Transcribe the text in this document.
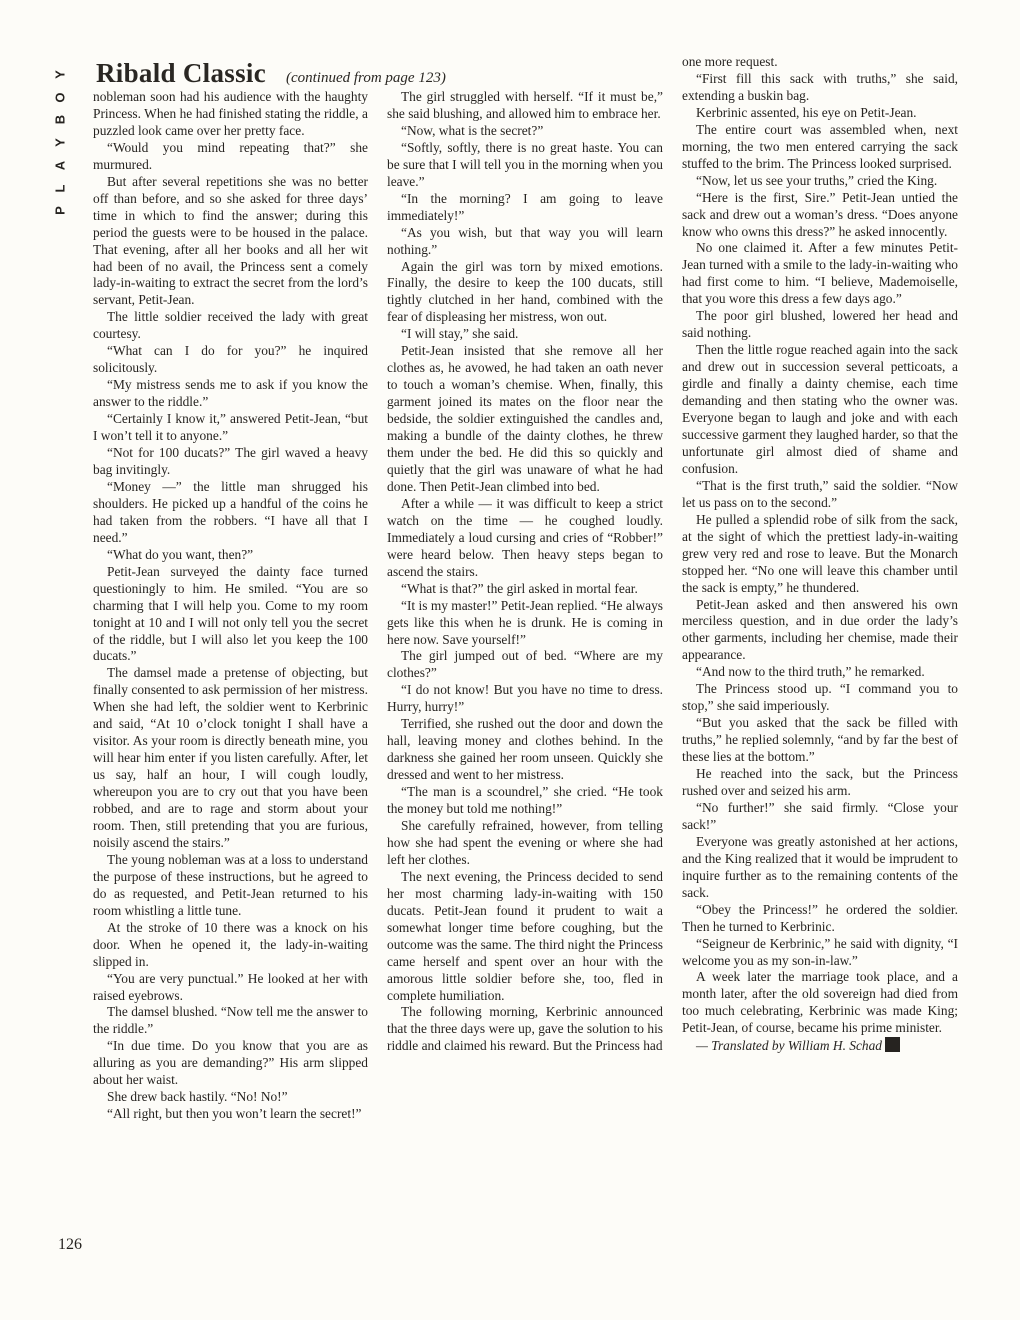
P
L
A
Y
B
O
Y Ribald Classic (continued from page 123)

nobleman soon had his audience with the haughty Princess. When he had finished stating the riddle, a puzzled look came over her pretty face.

“Would you mind repeating that?” she murmured.

But after several repetitions she was no better off than before, and so she asked for three days’ time in which to find the answer; during this period the guests were to be housed in the palace. That evening, after all her books and all her wit had been of no avail, the Princess sent a comely lady-in-waiting to extract the secret from the lord’s servant, Petit-Jean.

The little soldier received the lady with great courtesy.

“What can I do for you?” he inquired solicitously.

“My mistress sends me to ask if you know the answer to the riddle.”

“Certainly I know it,” answered Petit-Jean, “but I won’t tell it to anyone.”

“Not for 100 ducats?” The girl waved a heavy bag invitingly.

“Money —” the little man shrugged his shoulders. He picked up a handful of the coins he had taken from the robbers. “I have all that I need.”

“What do you want, then?”

Petit-Jean surveyed the dainty face turned questioningly to him. He smiled. “You are so charming that I will help you. Come to my room tonight at 10 and I will not only tell you the secret of the riddle, but I will also let you keep the 100 ducats.”

The damsel made a pretense of objecting, but finally consented to ask permission of her mistress. When she had left, the soldier went to Kerbrinic and said, “At 10 o’clock tonight I shall have a visitor. As your room is directly beneath mine, you will hear him enter if you listen carefully. After, let us say, half an hour, I will cough loudly, whereupon you are to cry out that you have been robbed, and are to rage and storm about your room. Then, still pretending that you are furious, noisily ascend the stairs.”

The young nobleman was at a loss to understand the purpose of these instructions, but he agreed to do as requested, and Petit-Jean returned to his room whistling a little tune.

At the stroke of 10 there was a knock on his door. When he opened it, the lady-in-waiting slipped in.

“You are very punctual.” He looked at her with raised eyebrows.

The damsel blushed. “Now tell me the answer to the riddle.”

“In due time. Do you know that you are as alluring as you are demanding?” His arm slipped about her waist.

She drew back hastily. “No! No!”

“All right, but then you won’t learn the secret!”

The girl struggled with herself. “If it must be,” she said blushing, and allowed him to embrace her.

“Now, what is the secret?”

“Softly, softly, there is no great haste. You can be sure that I will tell you in the morning when you leave.”

“In the morning? I am going to leave immediately!”

“As you wish, but that way you will learn nothing.”

Again the girl was torn by mixed emotions. Finally, the desire to keep the 100 ducats, still tightly clutched in her hand, combined with the fear of displeasing her mistress, won out.

“I will stay,” she said.

Petit-Jean insisted that she remove all her clothes as, he avowed, he had taken an oath never to touch a woman’s chemise. When, finally, this garment joined its mates on the floor near the bedside, the soldier extinguished the candles and, making a bundle of the dainty clothes, he threw them under the bed. He did this so quickly and quietly that the girl was unaware of what he had done. Then Petit-Jean climbed into bed.

After a while — it was difficult to keep a strict watch on the time — he coughed loudly. Immediately a loud cursing and cries of “Robber!” were heard below. Then heavy steps began to ascend the stairs.

“What is that?” the girl asked in mortal fear.

“It is my master!” Petit-Jean replied. “He always gets like this when he is drunk. He is coming in here now. Save yourself!”

The girl jumped out of bed. “Where are my clothes?”

“I do not know! But you have no time to dress. Hurry, hurry!”

Terrified, she rushed out the door and down the hall, leaving money and clothes behind. In the darkness she gained her room unseen. Quickly she dressed and went to her mistress.

“The man is a scoundrel,” she cried. “He took the money but told me nothing!”

She carefully refrained, however, from telling how she had spent the evening or where she had left her clothes.

The next evening, the Princess decided to send her most charming lady-in-waiting with 150 ducats. Petit-Jean found it prudent to wait a somewhat longer time before coughing, but the outcome was the same. The third night the Princess came herself and spent over an hour with the amorous little soldier before she, too, fled in complete humiliation.

The following morning, Kerbrinic announced that the three days were up, gave the solution to his riddle and claimed his reward. But the Princess had

one more request.

“First fill this sack with truths,” she said, extending a buskin bag.

Kerbrinic assented, his eye on Petit-Jean.

The entire court was assembled when, next morning, the two men entered carrying the sack stuffed to the brim. The Princess looked surprised.

“Now, let us see your truths,” cried the King.

“Here is the first, Sire.” Petit-Jean untied the sack and drew out a woman’s dress. “Does anyone know who owns this dress?” he asked innocently.

No one claimed it. After a few minutes Petit-Jean turned with a smile to the lady-in-waiting who had first come to him. “I believe, Mademoiselle, that you wore this dress a few days ago.”

The poor girl blushed, lowered her head and said nothing.

Then the little rogue reached again into the sack and drew out in succession several petticoats, a girdle and finally a dainty chemise, each time demanding and then stating who the owner was. Everyone began to laugh and joke and with each successive garment they laughed harder, so that the unfortunate girl almost died of shame and confusion.

“That is the first truth,” said the soldier. “Now let us pass on to the second.”

He pulled a splendid robe of silk from the sack, at the sight of which the prettiest lady-in-waiting grew very red and rose to leave. But the Monarch stopped her. “No one will leave this chamber until the sack is empty,” he thundered.

Petit-Jean asked and then answered his own merciless question, and in due order the lady’s other garments, including her chemise, made their appearance.

“And now to the third truth,” he remarked.

The Princess stood up. “I command you to stop,” she said imperiously.

“But you asked that the sack be filled with truths,” he replied solemnly, “and by far the best of these lies at the bottom.”

He reached into the sack, but the Princess rushed over and seized his arm.

“No further!” she said firmly. “Close your sack!”

Everyone was greatly astonished at her actions, and the King realized that it would be imprudent to inquire further as to the remaining contents of the sack.

“Obey the Princess!” he ordered the soldier. Then he turned to Kerbrinic.

“Seigneur de Kerbrinic,” he said with dignity, “I welcome you as my son-in-law.”

A week later the marriage took place, and a month later, after the old sovereign had died from too much celebrating, Kerbrinic was made King; Petit-Jean, of course, became his prime minister.

— Translated by William H. Schad

126
